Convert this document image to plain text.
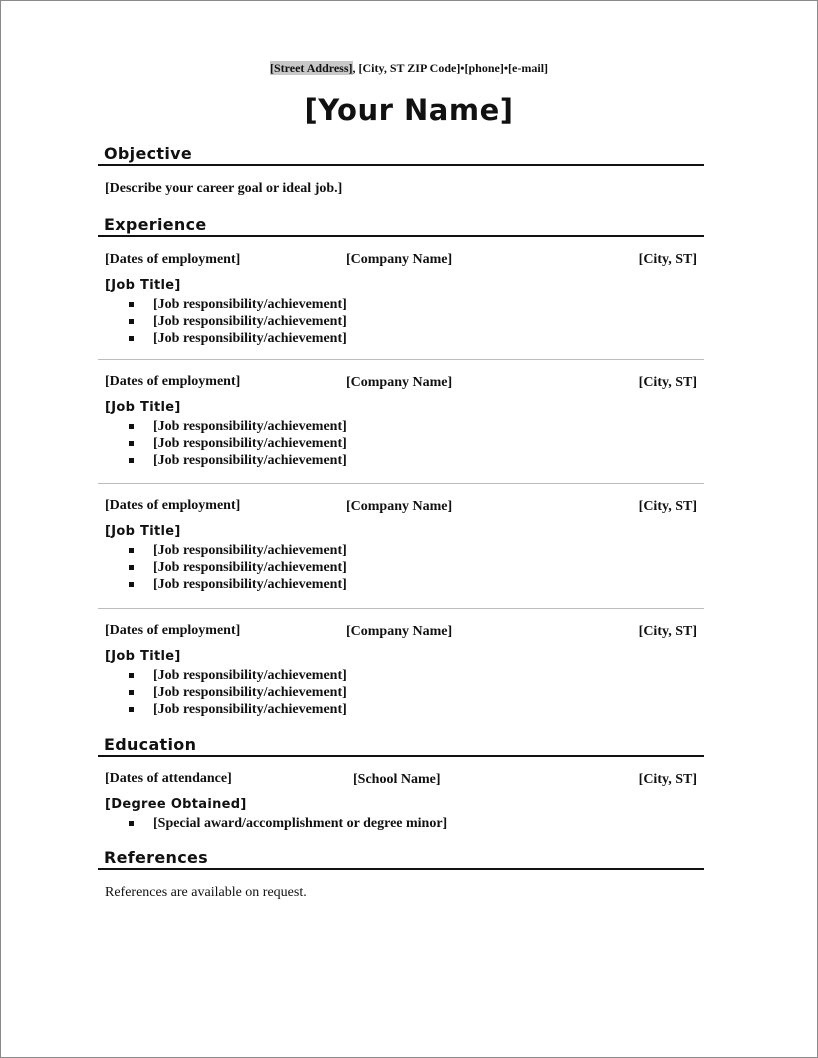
[Street Address], [City, ST ZIP Code]•[phone]•[e-mail]
[Your Name]
Objective
[Describe your career goal or ideal job.]
Experience
[Dates of employment]	[Company Name]	[City, ST]
[Job Title]
[Job responsibility/achievement]
[Job responsibility/achievement]
[Job responsibility/achievement]
[Dates of employment]	[Company Name]	[City, ST]
[Job Title]
[Job responsibility/achievement]
[Job responsibility/achievement]
[Job responsibility/achievement]
[Dates of employment]	[Company Name]	[City, ST]
[Job Title]
[Job responsibility/achievement]
[Job responsibility/achievement]
[Job responsibility/achievement]
[Dates of employment]	[Company Name]	[City, ST]
[Job Title]
[Job responsibility/achievement]
[Job responsibility/achievement]
[Job responsibility/achievement]
Education
[Dates of attendance]	[School Name]	[City, ST]
[Degree Obtained]
[Special award/accomplishment or degree minor]
References
References are available on request.
